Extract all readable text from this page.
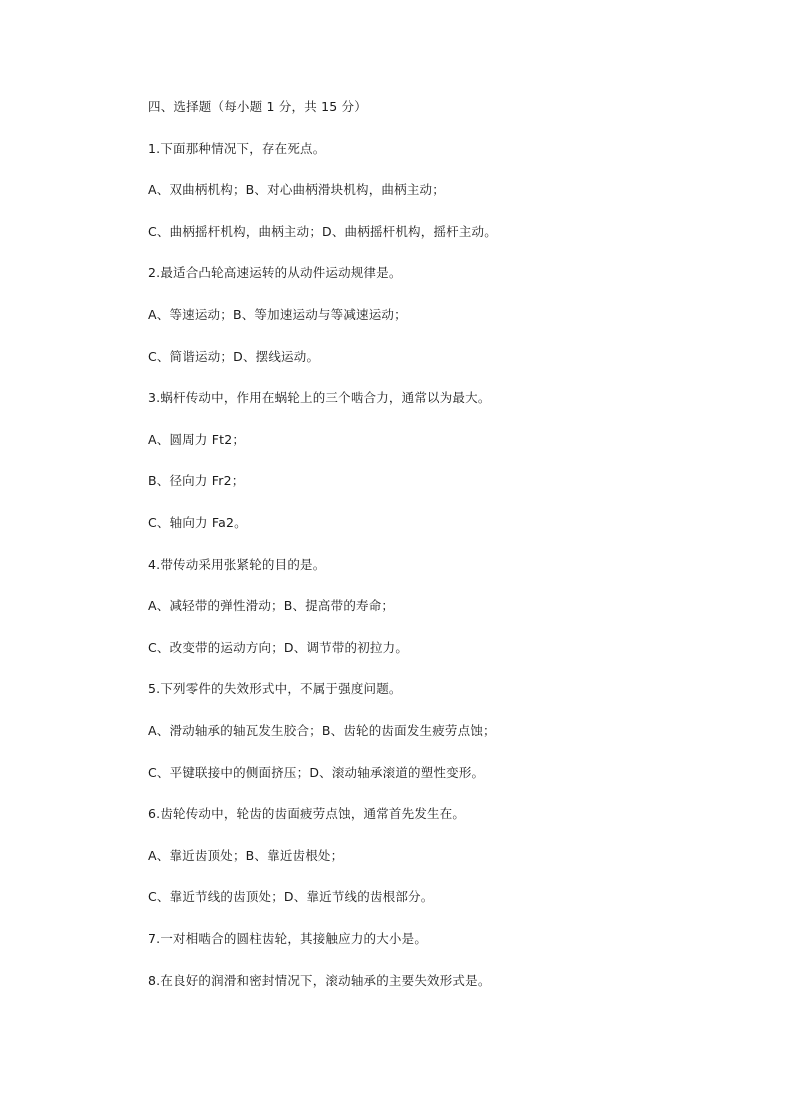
四、选择题（每小题 1 分，共 15 分）
1.下面那种情况下，存在死点。
A、双曲柄机构；B、对心曲柄滑块机构，曲柄主动；
C、曲柄摇杆机构，曲柄主动；D、曲柄摇杆机构，摇杆主动。
2.最适合凸轮高速运转的从动件运动规律是。
A、等速运动；B、等加速运动与等减速运动；
C、简谐运动；D、摆线运动。
3.蜗杆传动中，作用在蜗轮上的三个啮合力，通常以为最大。
A、圆周力 Ft2；
B、径向力 Fr2；
C、轴向力 Fa2。
4.带传动采用张紧轮的目的是。
A、减轻带的弹性滑动；B、提高带的寿命；
C、改变带的运动方向；D、调节带的初拉力。
5.下列零件的失效形式中，不属于强度问题。
A、滑动轴承的轴瓦发生胶合；B、齿轮的齿面发生疲劳点蚀；
C、平键联接中的侧面挤压；D、滚动轴承滚道的塑性变形。
6.齿轮传动中，轮齿的齿面疲劳点蚀，通常首先发生在。
A、靠近齿顶处；B、靠近齿根处；
C、靠近节线的齿顶处；D、靠近节线的齿根部分。
7.一对相啮合的圆柱齿轮，其接触应力的大小是。
8.在良好的润滑和密封情况下，滚动轴承的主要失效形式是。
